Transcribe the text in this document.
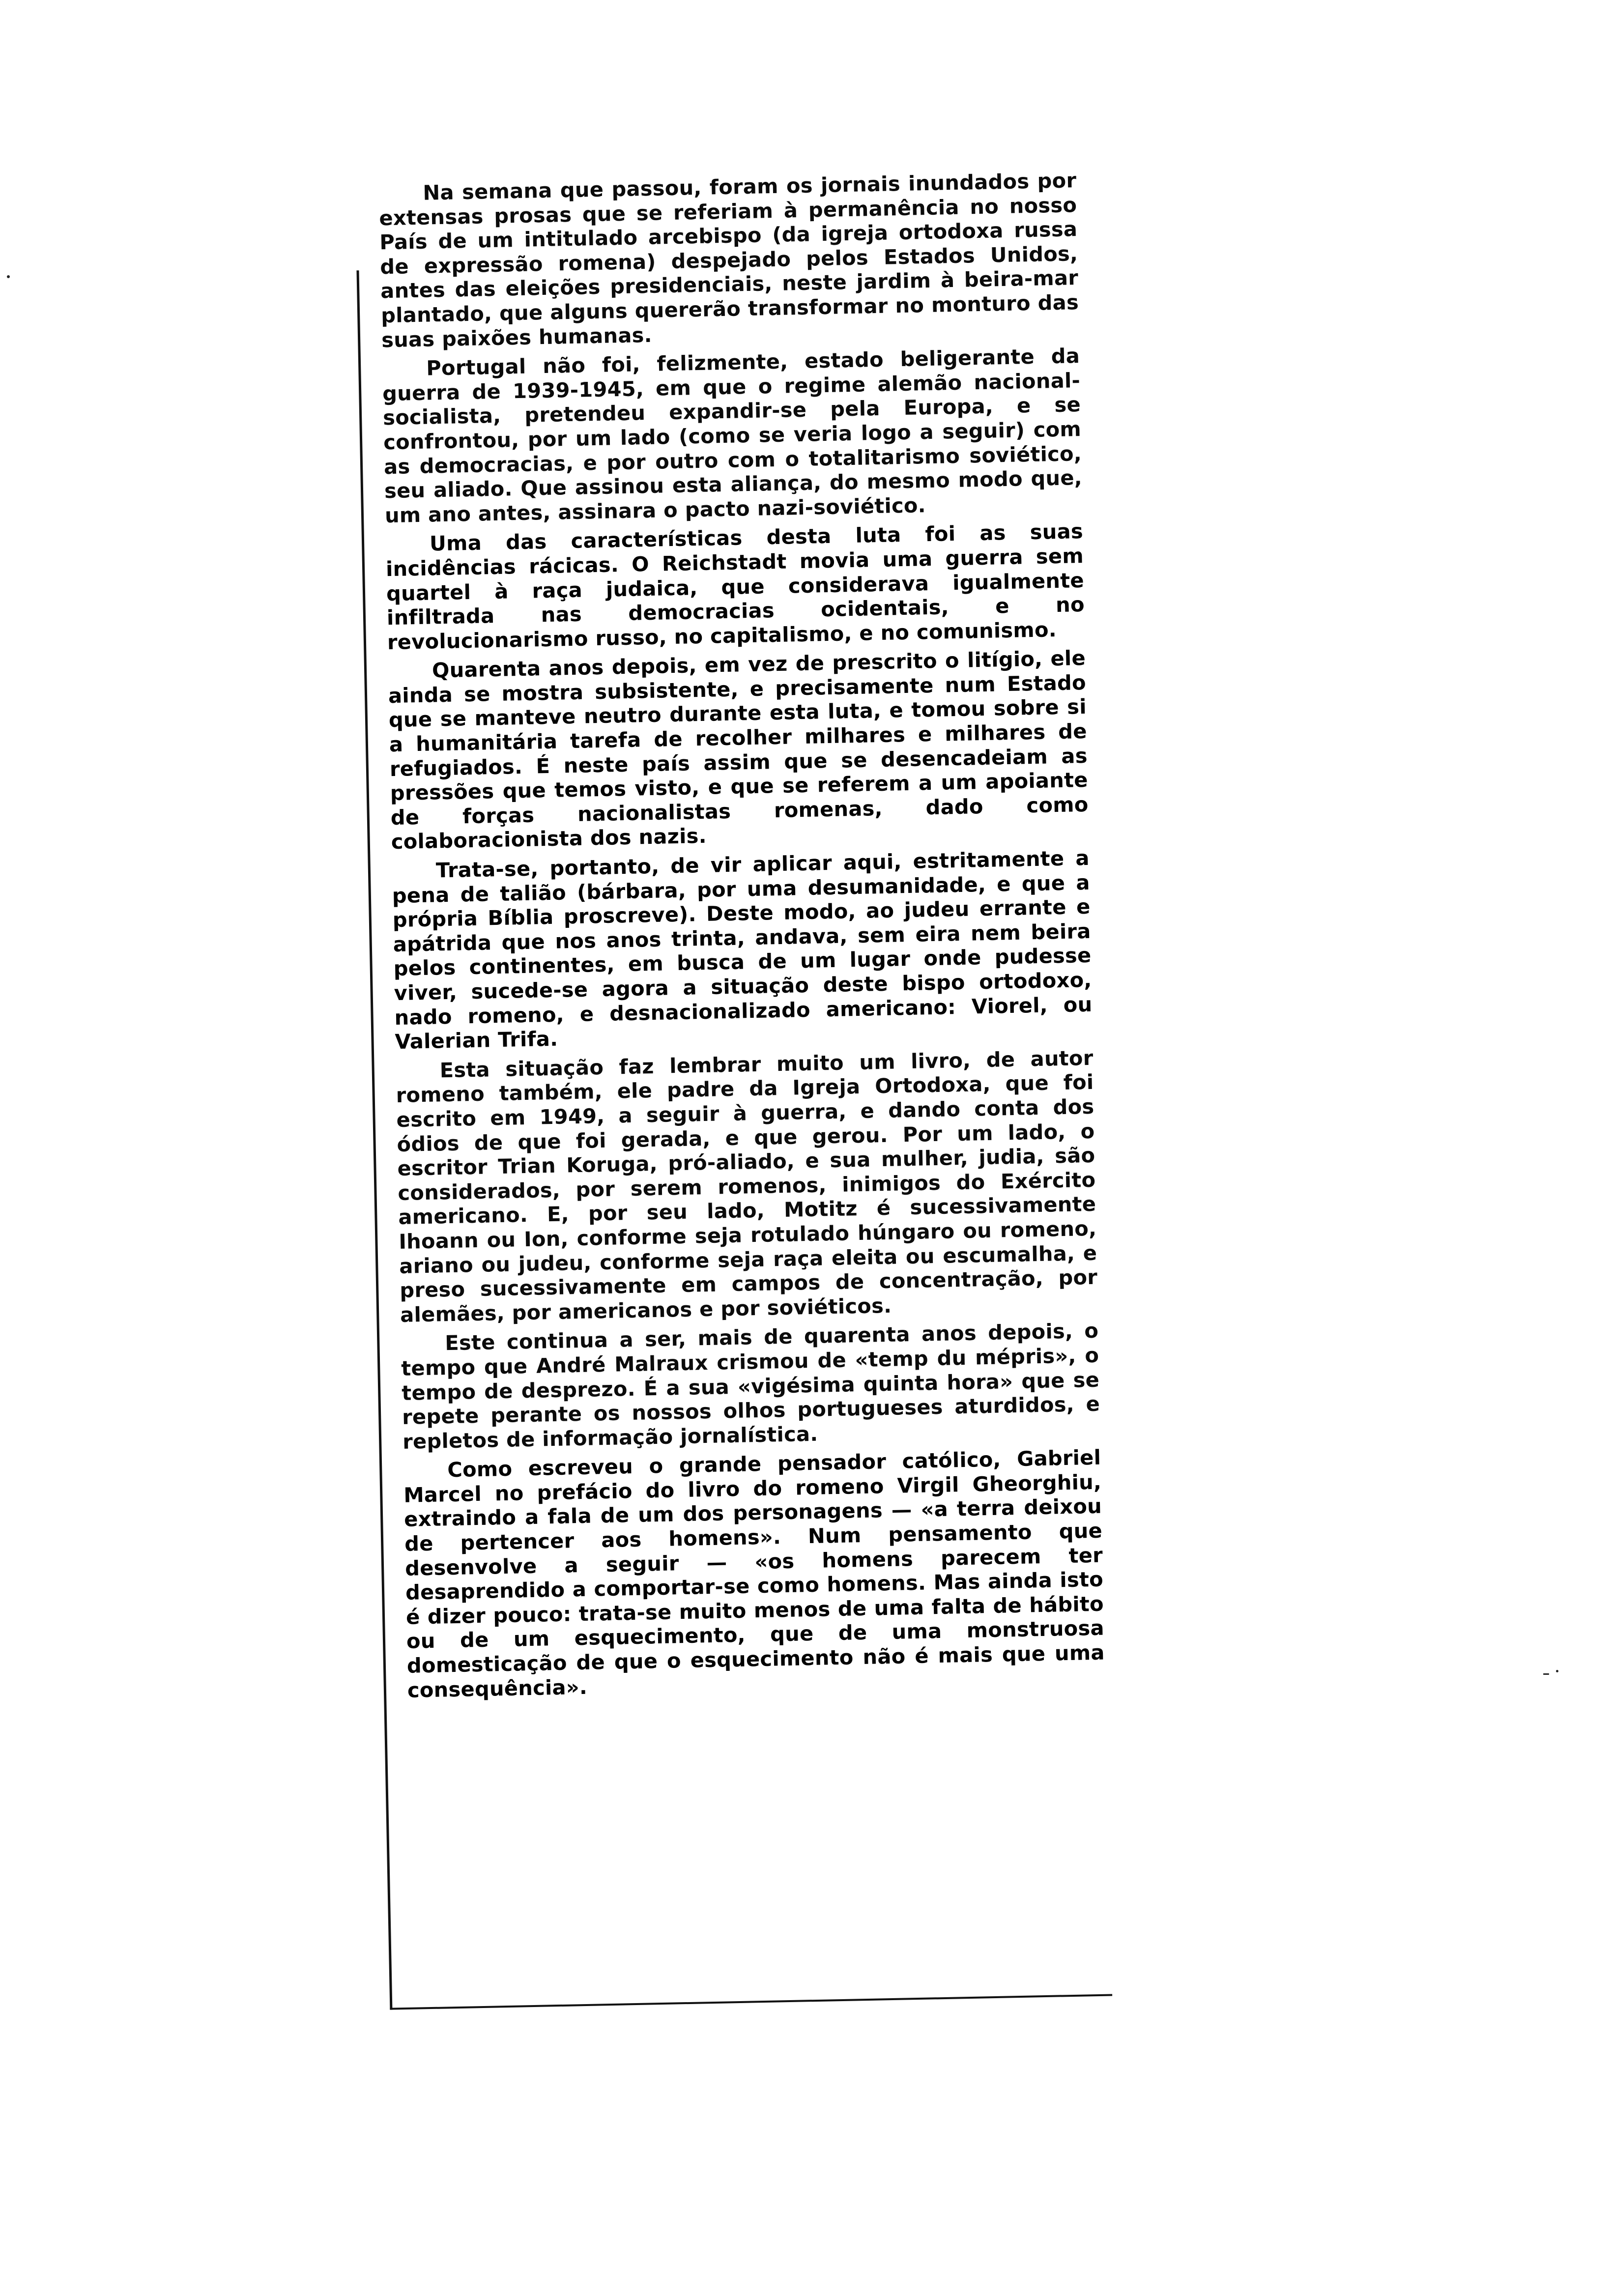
Na semana que passou, foram os jornais inundados por extensas prosas que se referiam à permanência no nosso País de um intitulado arcebispo (da igreja ortodoxa russa de expressão romena) despejado pelos Estados Unidos, antes das eleições presidenciais, neste jardim à beira-mar plantado, que alguns quererão transformar no monturo das suas paixões humanas.

Portugal não foi, felizmente, estado beligerante da guerra de 1939-1945, em que o regime alemão nacional-socialista, pretendeu expandir-se pela Europa, e se confrontou, por um lado (como se veria logo a seguir) com as democracias, e por outro com o totalitarismo soviético, seu aliado. Que assinou esta aliança, do mesmo modo que, um ano antes, assinara o pacto nazi-soviético.

Uma das características desta luta foi as suas incidências rácicas. O Reichstadt movia uma guerra sem quartel à raça judaica, que considerava igualmente infiltrada nas democracias ocidentais, e no revolucionarismo russo, no capitalismo, e no comunismo.

Quarenta anos depois, em vez de prescrito o litígio, ele ainda se mostra subsistente, e precisamente num Estado que se manteve neutro durante esta luta, e tomou sobre si a humanitária tarefa de recolher milhares e milhares de refugiados. É neste país assim que se desencadeiam as pressões que temos visto, e que se referem a um apoiante de forças nacionalistas romenas, dado como colaboracionista dos nazis.

Trata-se, portanto, de vir aplicar aqui, estritamente a pena de talião (bárbara, por uma desumanidade, e que a própria Bíblia proscreve). Deste modo, ao judeu errante e apátrida que nos anos trinta, andava, sem eira nem beira pelos continentes, em busca de um lugar onde pudesse viver, sucede-se agora a situação deste bispo ortodoxo, nado romeno, e desnacionalizado americano: Viorel, ou Valerian Trifa.

Esta situação faz lembrar muito um livro, de autor romeno também, ele padre da Igreja Ortodoxa, que foi escrito em 1949, a seguir à guerra, e dando conta dos ódios de que foi gerada, e que gerou. Por um lado, o escritor Trian Koruga, pró-aliado, e sua mulher, judia, são considerados, por serem romenos, inimigos do Exército americano. E, por seu lado, Motitz é sucessivamente Ihoann ou Ion, conforme seja rotulado húngaro ou romeno, ariano ou judeu, conforme seja raça eleita ou escumalha, e preso sucessivamente em campos de concentração, por alemães, por americanos e por soviéticos.

Este continua a ser, mais de quarenta anos depois, o tempo que André Malraux crismou de «temp du mépris», o tempo de desprezo. É a sua «vigésima quinta hora» que se repete perante os nossos olhos portugueses aturdidos, e repletos de informação jornalística.

Como escreveu o grande pensador católico, Gabriel Marcel no prefácio do livro do romeno Virgil Gheorghiu, extraindo a fala de um dos personagens — «a terra deixou de pertencer aos homens». Num pensamento que desenvolve a seguir — «os homens parecem ter desaprendido a comportar-se como homens. Mas ainda isto é dizer pouco: trata-se muito menos de uma falta de hábito ou de um esquecimento, que de uma monstruosa domesticação de que o esquecimento não é mais que uma consequência».
